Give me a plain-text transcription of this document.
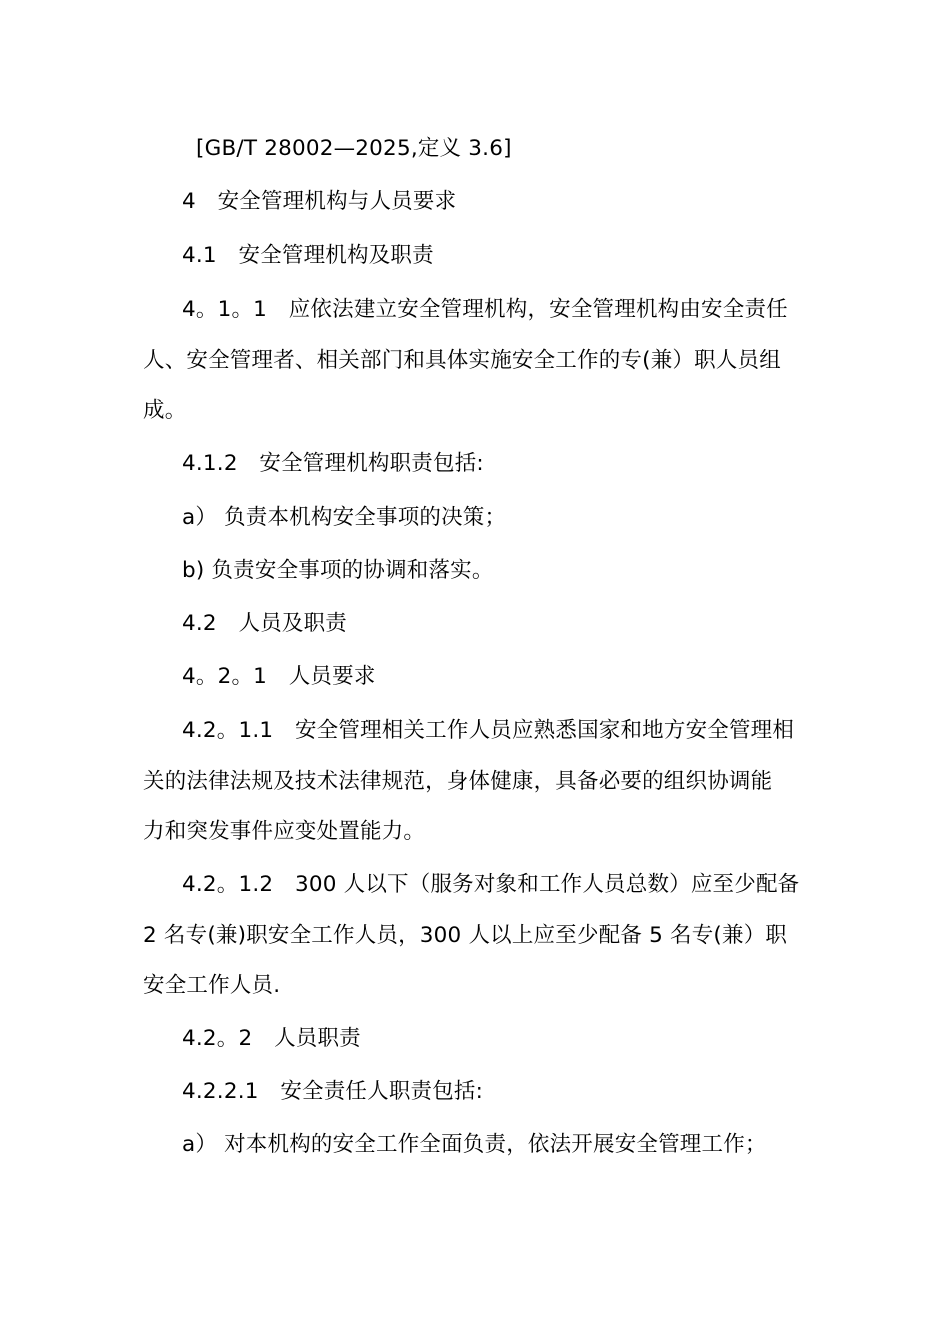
[GB/T 28002—2025,定义 3.6]
4　安全管理机构与人员要求
4.1　安全管理机构及职责
4。1。1　应依法建立安全管理机构，安全管理机构由安全责任
人、安全管理者、相关部门和具体实施安全工作的专(兼）职人员组
成。
4.1.2　安全管理机构职责包括:
a） 负责本机构安全事项的决策；
b) 负责安全事项的协调和落实。
4.2　人员及职责
4。2。1　人员要求
4.2。1.1　安全管理相关工作人员应熟悉国家和地方安全管理相
关的法律法规及技术法律规范，身体健康，具备必要的组织协调能
力和突发事件应变处置能力。
4.2。1.2　300 人以下（服务对象和工作人员总数）应至少配备
2 名专(兼)职安全工作人员，300 人以上应至少配备 5 名专(兼）职
安全工作人员.
4.2。2　人员职责
4.2.2.1　安全责任人职责包括:
a） 对本机构的安全工作全面负责，依法开展安全管理工作；
